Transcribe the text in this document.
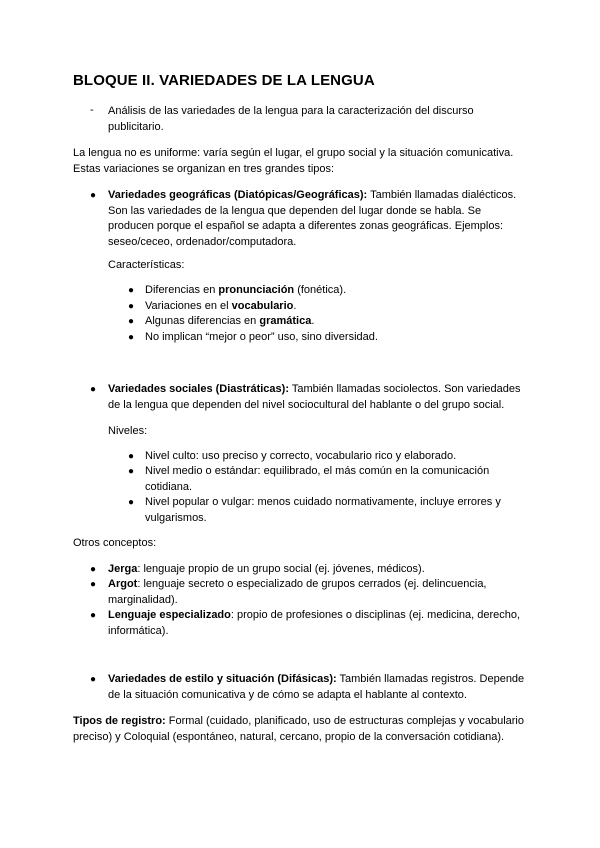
BLOQUE II. VARIEDADES DE LA LENGUA
- Análisis de las variedades de la lengua para la caracterización del discurso publicitario.

La lengua no es uniforme: varía según el lugar, el grupo social y la situación comunicativa. Estas variaciones se organizan en tres grandes tipos:

● Variedades geográficas (Diatópicas/Geográficas): También llamadas dialécticos. Son las variedades de la lengua que dependen del lugar donde se habla. Se producen porque el español se adapta a diferentes zonas geográficas. Ejemplos: seseo/ceceo, ordenador/computadora.

Características:

● Diferencias en pronunciación (fonética).

● Variaciones en el vocabulario.

● Algunas diferencias en gramática.

● No implican “mejor o peor” uso, sino diversidad.

● Variedades sociales (Diastráticas): También llamadas sociolectos. Son variedades de la lengua que dependen del nivel sociocultural del hablante o del grupo social.

Niveles:

● Nivel culto: uso preciso y correcto, vocabulario rico y elaborado.

● Nivel medio o estándar: equilibrado, el más común en la comunicación cotidiana.

● Nivel popular o vulgar: menos cuidado normativamente, incluye errores y vulgarismos.

Otros conceptos:

● Jerga: lenguaje propio de un grupo social (ej. jóvenes, médicos).

● Argot: lenguaje secreto o especializado de grupos cerrados (ej. delincuencia, marginalidad).

● Lenguaje especializado: propio de profesiones o disciplinas (ej. medicina, derecho, informática).

● Variedades de estilo y situación (Difásicas): También llamadas registros. Depende de la situación comunicativa y de cómo se adapta el hablante al contexto.

Tipos de registro: Formal (cuidado, planificado, uso de estructuras complejas y vocabulario preciso) y Coloquial (espontáneo, natural, cercano, propio de la conversación cotidiana).
